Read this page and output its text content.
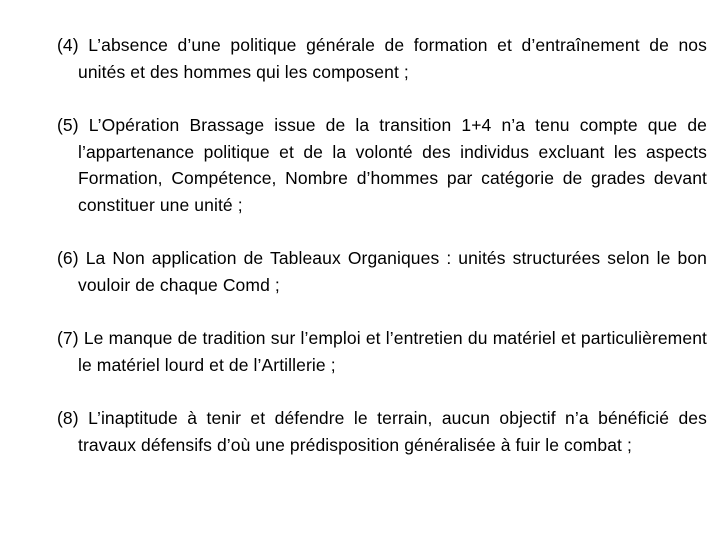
(4) L’absence d’une politique générale de formation et d’entraînement de nos unités et des hommes qui les composent ;

(5) L’Opération Brassage issue de la transition 1+4 n’a tenu compte que de l’appartenance politique et de la volonté des individus excluant les aspects Formation, Compétence, Nombre d’hommes par catégorie de grades devant constituer une unité ;

(6) La Non application de Tableaux Organiques : unités structurées selon le bon vouloir de chaque Comd ;

(7) Le manque de tradition sur l’emploi et l’entretien du matériel et particulièrement le matériel lourd et de l’Artillerie ;

(8) L’inaptitude à tenir et défendre le terrain, aucun objectif n’a bénéficié des travaux défensifs d’où une prédisposition généralisée à fuir le combat ;
